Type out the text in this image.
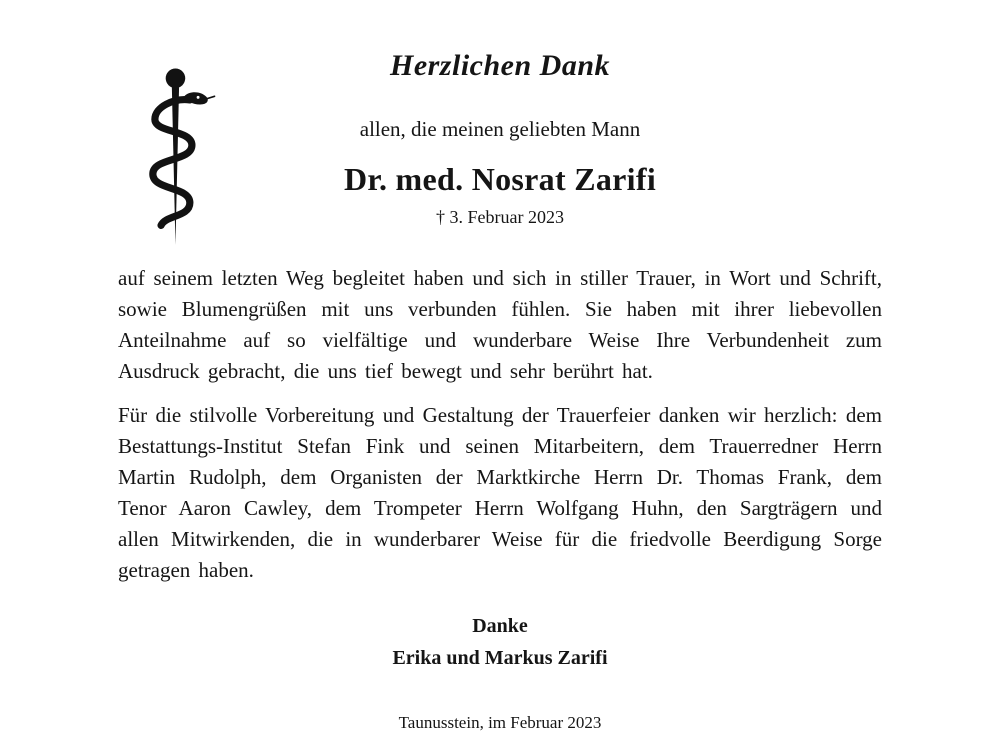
Herzlichen Dank

allen, die meinen geliebten Mann

Dr. med. Nosrat Zarifi

† 3. Februar 2023

auf seinem letzten Weg begleitet haben und sich in stiller Trauer, in Wort und Schrift, sowie Blumengrüßen mit uns verbunden fühlen. Sie haben mit ihrer liebevollen Anteilnahme auf so vielfältige und wunderbare Weise Ihre Verbundenheit zum Ausdruck gebracht, die uns tief bewegt und sehr berührt hat.

Für die stilvolle Vorbereitung und Gestaltung der Trauerfeier danken wir herzlich: dem Bestattungs-Institut Stefan Fink und seinen Mitarbeitern, dem Trauerredner Herrn Martin Rudolph, dem Organisten der Marktkirche Herrn Dr. Thomas Frank, dem Tenor Aaron Cawley, dem Trompeter Herrn Wolfgang Huhn, den Sargträgern und allen Mitwirkenden, die in wunderbarer Weise für die friedvolle Beerdigung Sorge getragen haben.

Danke

Erika und Markus Zarifi

Taunusstein, im Februar 2023
